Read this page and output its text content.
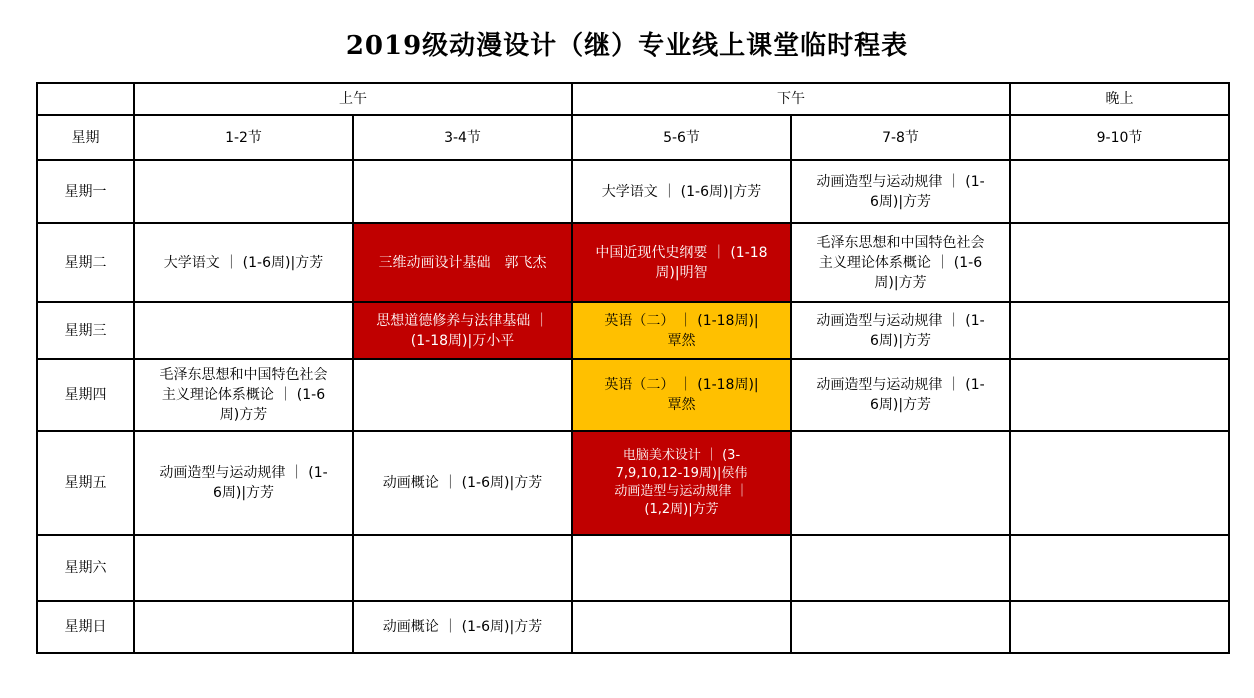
2019级动漫设计（继）专业线上课堂临时程表
	上午		下午		晚上
星期	1-2节	3-4节	5-6节	7-8节	9-10节
星期一			大学语文 ｜ (1-6周)|方芳	动画造型与运动规律 ｜ (1-
6周)|方芳	
星期二	大学语文 ｜ (1-6周)|方芳	三维动画设计基础　郭飞杰	中国近现代史纲要 ｜ (1-18
周)|明智	毛泽东思想和中国特色社会
主义理论体系概论 ｜ (1-6
周)|方芳	
星期三		思想道德修养与法律基础 ｜
(1-18周)|万小平	英语（二） ｜ (1-18周)|
覃然	动画造型与运动规律 ｜ (1-
6周)|方芳	
星期四	毛泽东思想和中国特色社会
主义理论体系概论 ｜ (1-6
周)方芳		英语（二） ｜ (1-18周)|
覃然	动画造型与运动规律 ｜ (1-
6周)|方芳	
星期五	动画造型与运动规律 ｜ (1-
6周)|方芳	动画概论 ｜ (1-6周)|方芳	电脑美术设计 ｜ (3-
7,9,10,12-19周)|侯伟
动画造型与运动规律 ｜
(1,2周)|方芳		
星期六					
星期日		动画概论 ｜ (1-6周)|方芳			
